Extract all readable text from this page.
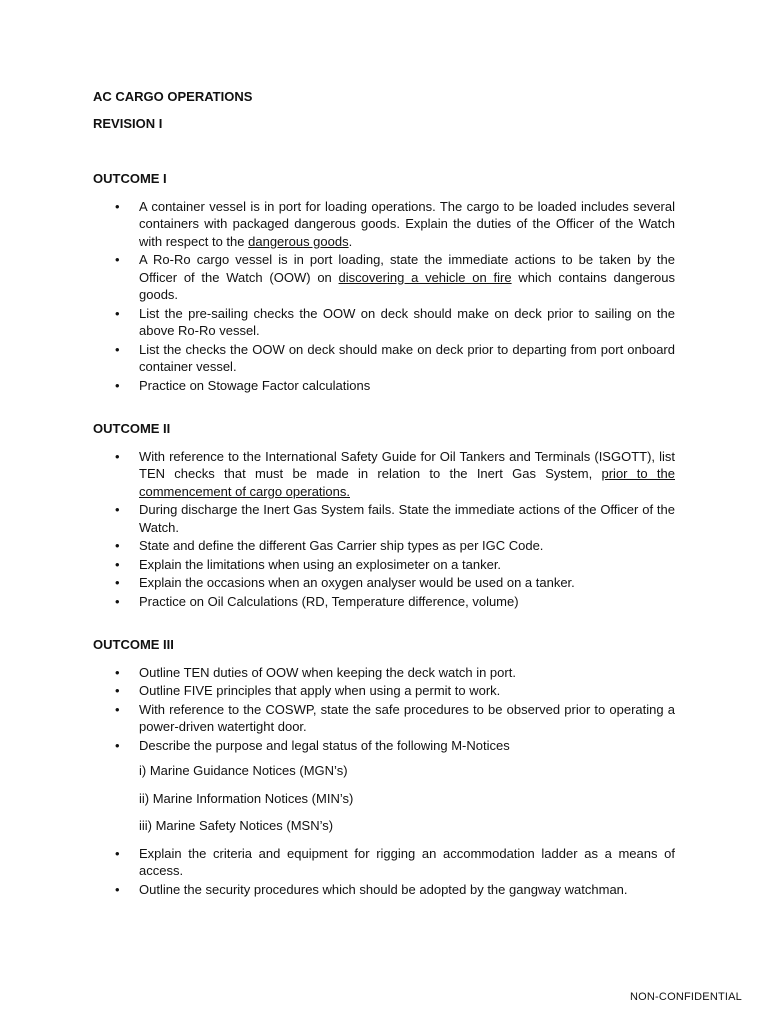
AC CARGO OPERATIONS

REVISION I

OUTCOME I

• A container vessel is in port for loading operations. The cargo to be loaded includes several containers with packaged dangerous goods. Explain the duties of the Officer of the Watch with respect to the dangerous goods.
• A Ro-Ro cargo vessel is in port loading, state the immediate actions to be taken by the Officer of the Watch (OOW) on discovering a vehicle on fire which contains dangerous goods.
• List the pre-sailing checks the OOW on deck should make on deck prior to sailing on the above Ro-Ro vessel.
• List the checks the OOW on deck should make on deck prior to departing from port onboard container vessel.
• Practice on Stowage Factor calculations

OUTCOME II

• With reference to the International Safety Guide for Oil Tankers and Terminals (ISGOTT), list TEN checks that must be made in relation to the Inert Gas System, prior to the commencement of cargo operations.
• During discharge the Inert Gas System fails. State the immediate actions of the Officer of the Watch.
• State and define the different Gas Carrier ship types as per IGC Code.
• Explain the limitations when using an explosimeter on a tanker.
• Explain the occasions when an oxygen analyser would be used on a tanker.
• Practice on Oil Calculations (RD, Temperature difference, volume)

OUTCOME III

• Outline TEN duties of OOW when keeping the deck watch in port.
• Outline FIVE principles that apply when using a permit to work.
• With reference to the COSWP, state the safe procedures to be observed prior to operating a power-driven watertight door.
• Describe the purpose and legal status of the following M-Notices

i) Marine Guidance Notices (MGN’s)

ii) Marine Information Notices (MIN’s)

iii) Marine Safety Notices (MSN’s)

• Explain the criteria and equipment for rigging an accommodation ladder as a means of access.
• Outline the security procedures which should be adopted by the gangway watchman.
NON-CONFIDENTIAL
